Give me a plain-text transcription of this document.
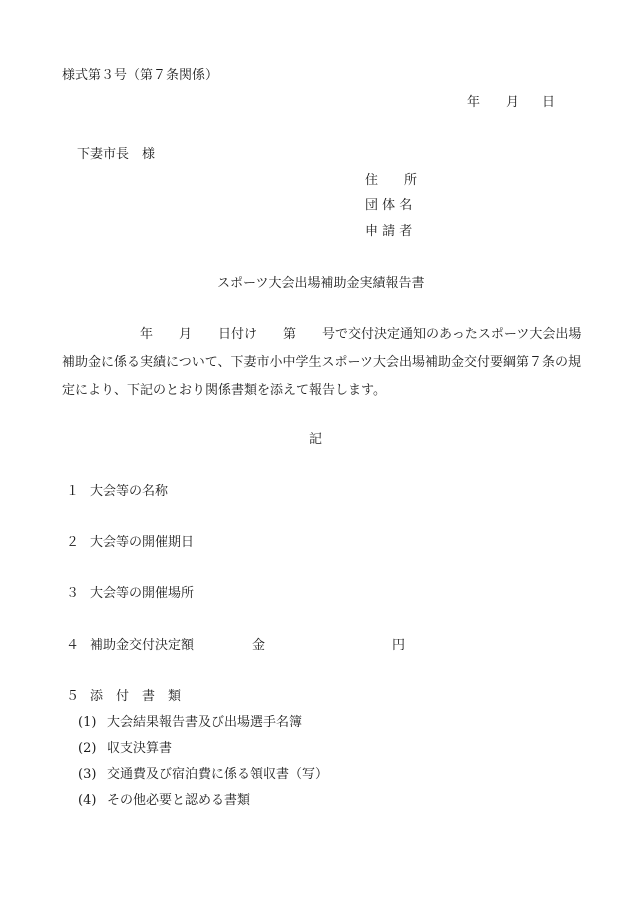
様式第３号（第７条関係）
年 月 日
下妻市長　様
住　　所
団 体 名
申 請 者
スポーツ大会出場補助金実績報告書
　　　　　　年　　月　　日付け　　第　　号で交付決定通知のあったスポーツ大会出場
補助金に係る実績について、下妻市小中学生スポーツ大会出場補助金交付要綱第７条の規
定により、下記のとおり関係書類を添えて報告します。
記
１ 大会等の名称
２ 大会等の開催期日
３ 大会等の開催場所
４ 補助金交付決定額	金	円
５ 添　付　書　類
(1) 大会結果報告書及び出場選手名簿
(2) 収支決算書
(3) 交通費及び宿泊費に係る領収書（写）
(4) その他必要と認める書類
